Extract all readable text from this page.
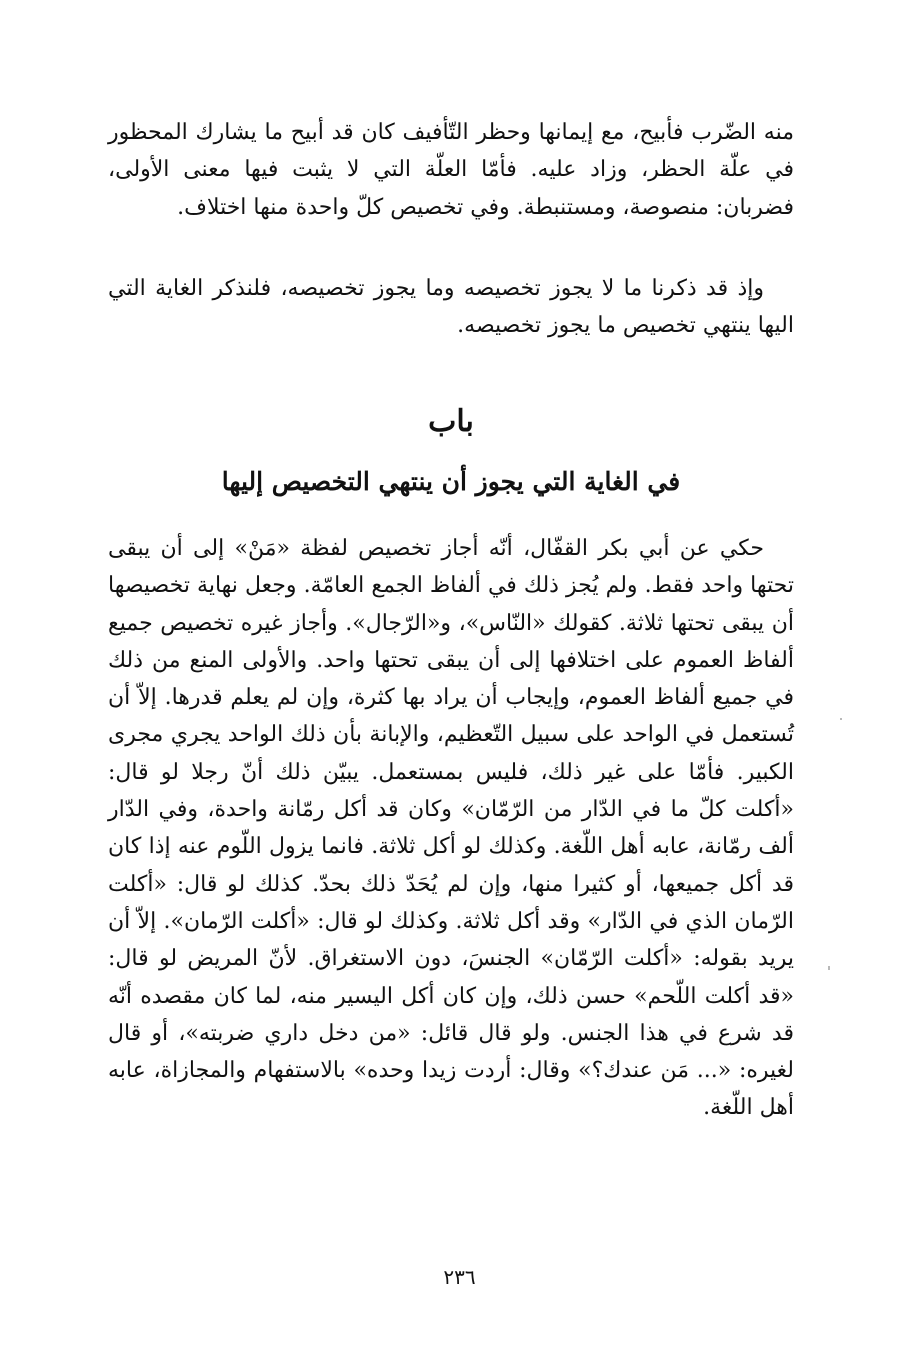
منه الضّرب فأبيح، مع إيمانها وحظر التّأفيف كان قد أبيح ما يشارك المحظور في علّة الحظر، وزاد عليه. فأمّا العلّة التي لا يثبت فيها معنى الأولى، فضربان: منصوصة، ومستنبطة. وفي تخصيص كلّ واحدة منها اختلاف.

وإذ قد ذكرنا ما لا يجوز تخصيصه وما يجوز تخصيصه، فلنذكر الغاية التي اليها ينتهي تخصيص ما يجوز تخصيصه.

باب
في الغاية التي يجوز أن ينتهي التخصيص إليها

حكي عن أبي بكر القفّال، أنّه أجاز تخصيص لفظة «مَنْ» إلى أن يبقى تحتها واحد فقط. ولم يُجز ذلك في ألفاظ الجمع العامّة. وجعل نهاية تخصيصها أن يبقى تحتها ثلاثة. كقولك «النّاس»، و«الرّجال». وأجاز غيره تخصيص جميع ألفاظ العموم على اختلافها إلى أن يبقى تحتها واحد. والأولى المنع من ذلك في جميع ألفاظ العموم، وإيجاب أن يراد بها كثرة، وإن لم يعلم قدرها. إلاّ أن تُستعمل في الواحد على سبيل التّعظيم، والإبانة بأن ذلك الواحد يجري مجرى الكبير. فأمّا على غير ذلك، فليس بمستعمل. يبيّن ذلك أنّ رجلا لو قال: «أكلت كلّ ما في الدّار من الرّمّان» وكان قد أكل رمّانة واحدة، وفي الدّار ألف رمّانة، عابه أهل اللّغة. وكذلك لو أكل ثلاثة. فانما يزول اللّوم عنه إذا كان قد أكل جميعها، أو كثيرا منها، وإن لم يُحَدّ ذلك بحدّ. كذلك لو قال: «أكلت الرّمان الذي في الدّار» وقد أكل ثلاثة. وكذلك لو قال: «أكلت الرّمان». إلاّ أن يريد بقوله: «أكلت الرّمّان» الجنسَ، دون الاستغراق. لأنّ المريض لو قال: «قد أكلت اللّحم» حسن ذلك، وإن كان أكل اليسير منه، لما كان مقصده أنّه قد شرع في هذا الجنس. ولو قال قائل: «من دخل داري ضربته»، أو قال لغيره: «... مَن عندك؟» وقال: أردت زيدا وحده» بالاستفهام والمجازاة، عابه أهل اللّغة.

٢٣٦
